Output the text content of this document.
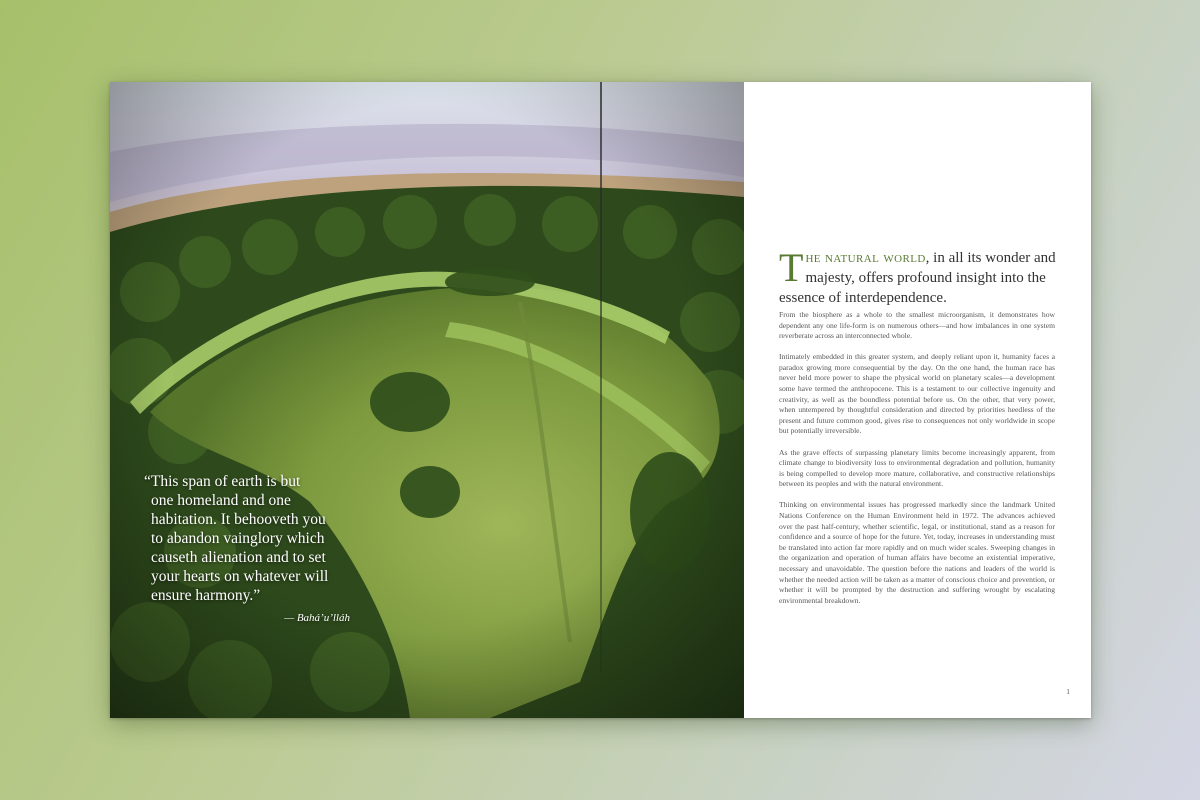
“This span of earth is but
one homeland and one
habitation. It behooveth you
to abandon vainglory which
causeth alienation and to set
your hearts on whatever will
ensure harmony.”

— Bahá’u’lláh

The natural world, in all its wonder and majesty, offers profound insight into the essence of interdependence.

From the biosphere as a whole to the smallest microorganism, it demonstrates how dependent any one life-form is on numerous others—and how imbalances in one system reverberate across an interconnected whole.

Intimately embedded in this greater system, and deeply reliant upon it, humanity faces a paradox growing more consequential by the day. On the one hand, the human race has never held more power to shape the physical world on planetary scales—a development some have termed the anthropocene. This is a testament to our collective ingenuity and creativity, as well as the boundless potential before us. On the other, that very power, when untempered by thoughtful consideration and directed by priorities heedless of the present and future common good, gives rise to consequences not only worldwide in scope but potentially irreversible.

As the grave effects of surpassing planetary limits become increasingly apparent, from climate change to biodiversity loss to environmental degradation and pollution, humanity is being compelled to develop more mature, collaborative, and constructive relationships between its peoples and with the natural environment.

Thinking on environmental issues has progressed markedly since the landmark United Nations Conference on the Human Environment held in 1972. The advances achieved over the past half-century, whether scientific, legal, or institutional, stand as a reason for confidence and a source of hope for the future. Yet, today, increases in understanding must be translated into action far more rapidly and on much wider scales. Sweeping changes in the organization and operation of human affairs have become an existential imperative, necessary and unavoidable. The question before the nations and leaders of the world is whether the needed action will be taken as a matter of conscious choice and prevention, or whether it will be prompted by the destruction and suffering wrought by escalating environmental breakdown.

1
